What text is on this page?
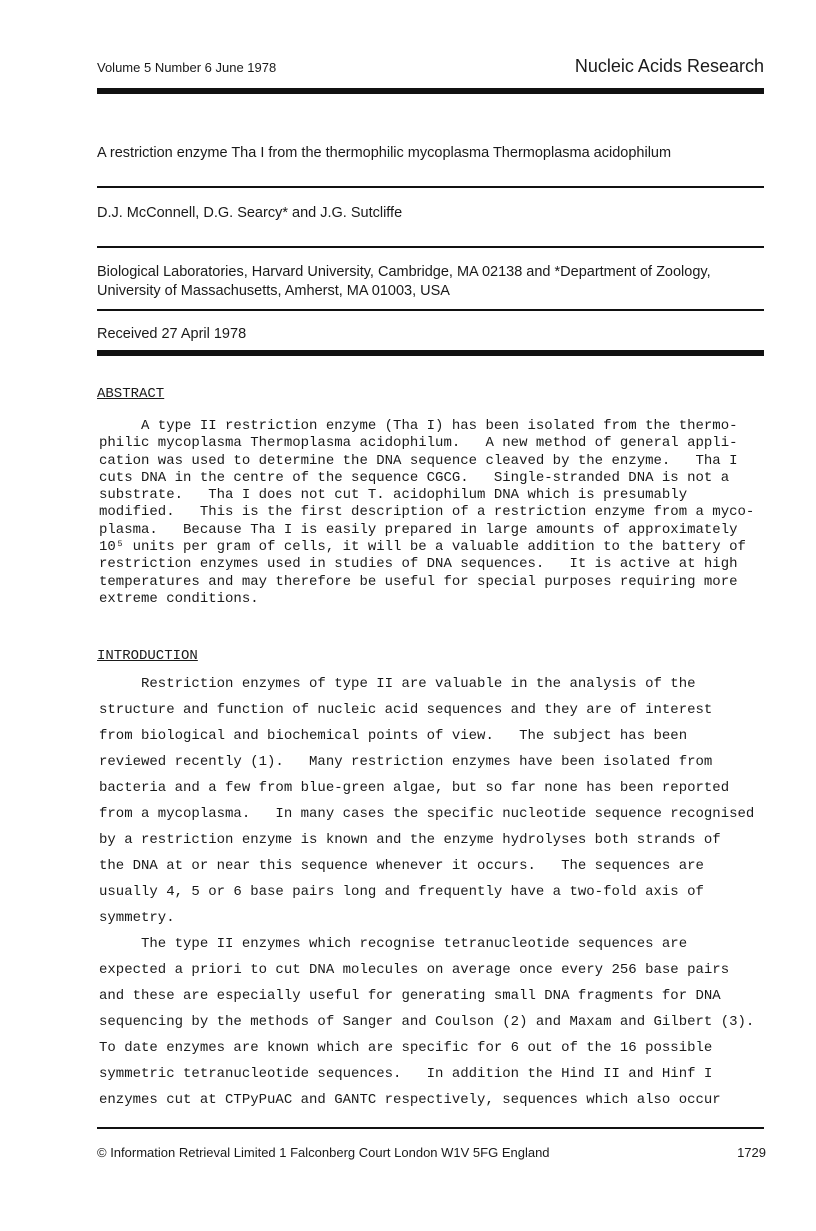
Volume 5 Number 6 June 1978	Nucleic Acids Research
A restriction enzyme Tha I from the thermophilic mycoplasma Thermoplasma acidophilum
D.J. McConnell, D.G. Searcy* and J.G. Sutcliffe
Biological Laboratories, Harvard University, Cambridge, MA 02138 and *Department of Zoology,
University of Massachusetts, Amherst, MA 01003, USA
Received 27 April 1978
ABSTRACT
A type II restriction enzyme (Tha I) has been isolated from the thermo-
philic mycoplasma Thermoplasma acidophilum.   A new method of general appli-
cation was used to determine the DNA sequence cleaved by the enzyme.   Tha I
cuts DNA in the centre of the sequence CGCG.   Single-stranded DNA is not a
substrate.   Tha I does not cut T. acidophilum DNA which is presumably
modified.   This is the first description of a restriction enzyme from a myco-
plasma.   Because Tha I is easily prepared in large amounts of approximately
10⁵ units per gram of cells, it will be a valuable addition to the battery of
restriction enzymes used in studies of DNA sequences.   It is active at high
temperatures and may therefore be useful for special purposes requiring more
extreme conditions.
INTRODUCTION
Restriction enzymes of type II are valuable in the analysis of the
structure and function of nucleic acid sequences and they are of interest
from biological and biochemical points of view.   The subject has been
reviewed recently (1).   Many restriction enzymes have been isolated from
bacteria and a few from blue-green algae, but so far none has been reported
from a mycoplasma.   In many cases the specific nucleotide sequence recognised
by a restriction enzyme is known and the enzyme hydrolyses both strands of
the DNA at or near this sequence whenever it occurs.   The sequences are
usually 4, 5 or 6 base pairs long and frequently have a two-fold axis of
symmetry.
The type II enzymes which recognise tetranucleotide sequences are
expected a priori to cut DNA molecules on average once every 256 base pairs
and these are especially useful for generating small DNA fragments for DNA
sequencing by the methods of Sanger and Coulson (2) and Maxam and Gilbert (3).
To date enzymes are known which are specific for 6 out of the 16 possible
symmetric tetranucleotide sequences.   In addition the Hind II and Hinf I
enzymes cut at CTPyPuAC and GANTC respectively, sequences which also occur
© Information Retrieval Limited 1 Falconberg Court London W1V 5FG England	1729
